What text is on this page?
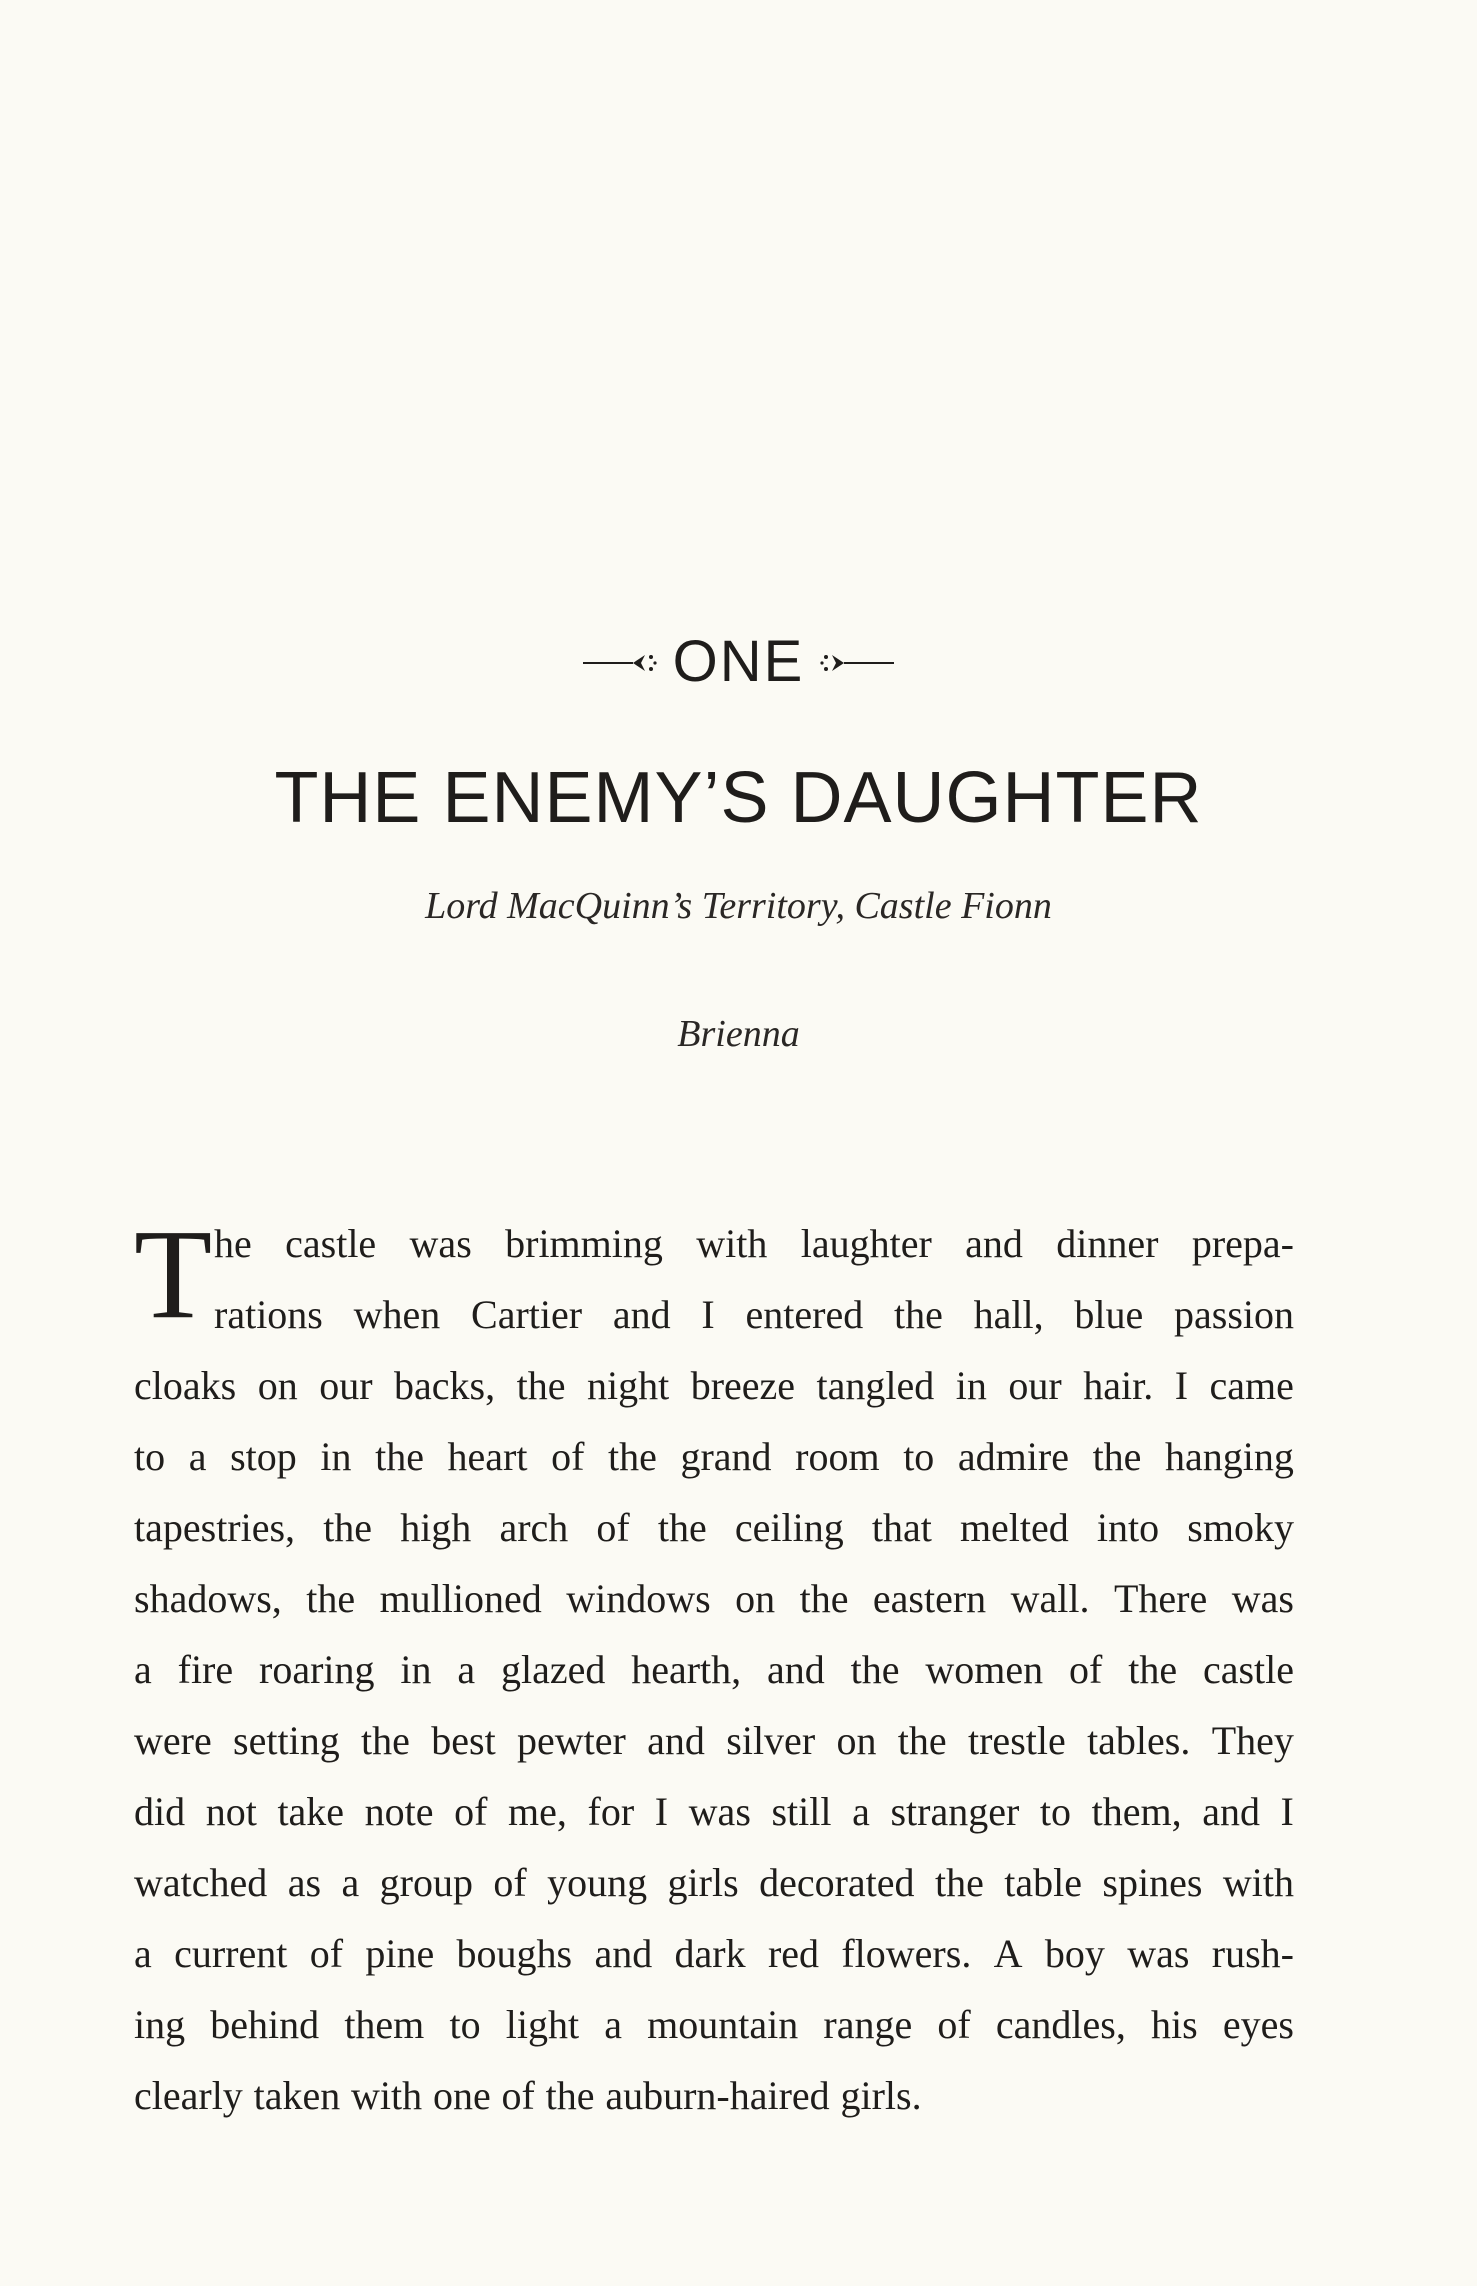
ONE
THE ENEMY’S DAUGHTER
Lord MacQuinn’s Territory, Castle Fionn
Brienna
T he castle was brimming with laughter and dinner prepa-
rations when Cartier and I entered the hall, blue passion
cloaks on our backs, the night breeze tangled in our hair. I came
to a stop in the heart of the grand room to admire the hanging
tapestries, the high arch of the ceiling that melted into smoky
shadows, the mullioned windows on the eastern wall. There was
a fire roaring in a glazed hearth, and the women of the castle
were setting the best pewter and silver on the trestle tables. They
did not take note of me, for I was still a stranger to them, and I
watched as a group of young girls decorated the table spines with
a current of pine boughs and dark red flowers. A boy was rush-
ing behind them to light a mountain range of candles, his eyes
clearly taken with one of the auburn-haired girls.
